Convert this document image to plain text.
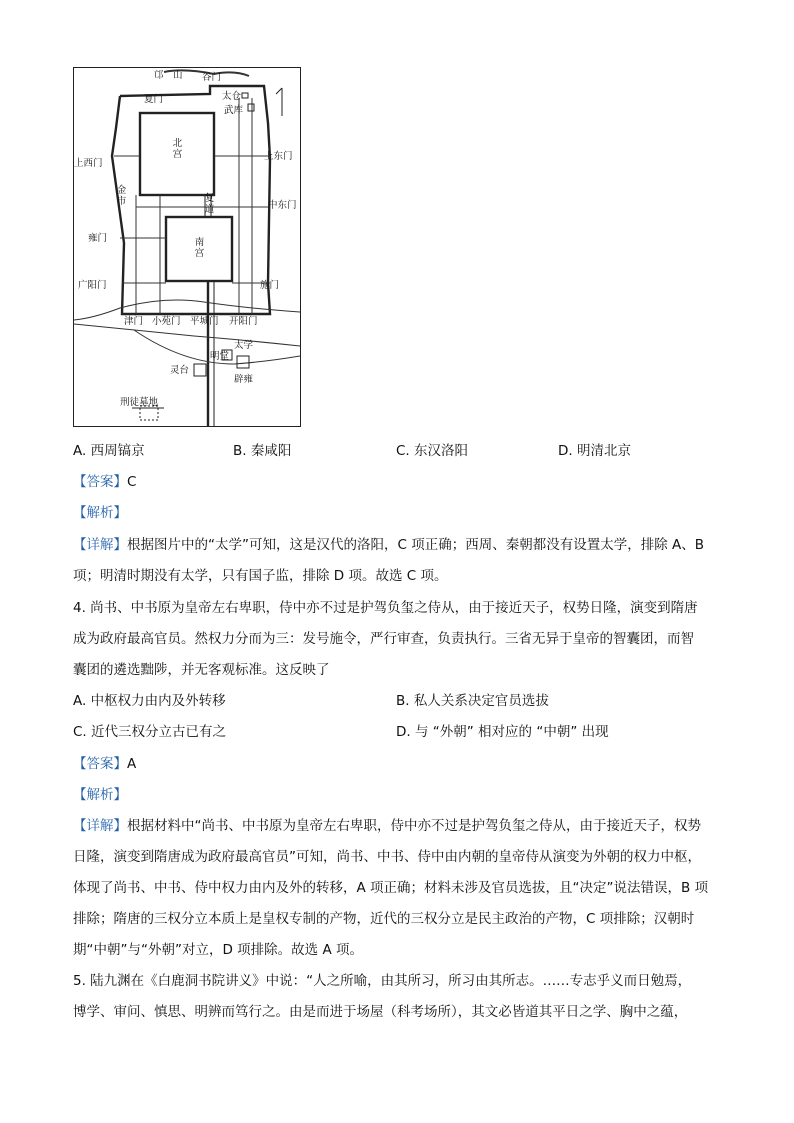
邙　山 谷门
夏门	太仓
武库
北宫
上西门
上东门
金市	复道	中东门
雍门	南宫
广阳门	施门
津门 小苑门 平城门 开阳门
太学
明堂
灵台
辟雍
刑徒墓地
A. 西周镐京	B. 秦咸阳	C. 东汉洛阳	D. 明清北京
【答案】C
【解析】
【详解】根据图片中的“太学”可知，这是汉代的洛阳，C 项正确；西周、秦朝都没有设置太学，排除 A、B
项；明清时期没有太学，只有国子监，排除 D 项。故选 C 项。
4. 尚书、中书原为皇帝左右卑职，侍中亦不过是护驾负玺之侍从，由于接近天子，权势日隆，演变到隋唐
成为政府最高官员。然权力分而为三：发号施令，严行审查，负责执行。三省无异于皇帝的智囊团，而智
囊团的遴选黜陟，并无客观标准。这反映了
A. 中枢权力由内及外转移	B. 私人关系决定官员选拔
C. 近代三权分立古已有之	D. 与 “外朝” 相对应的 “中朝” 出现
【答案】A
【解析】
【详解】根据材料中“尚书、中书原为皇帝左右卑职，侍中亦不过是护驾负玺之侍从，由于接近天子，权势
日隆，演变到隋唐成为政府最高官员”可知，尚书、中书、侍中由内朝的皇帝侍从演变为外朝的权力中枢，
体现了尚书、中书、侍中权力由内及外的转移，A 项正确；材料未涉及官员选拔，且“决定”说法错误，B 项
排除；隋唐的三权分立本质上是皇权专制的产物，近代的三权分立是民主政治的产物，C 项排除；汉朝时
期“中朝”与“外朝”对立，D 项排除。故选 A 项。
5. 陆九渊在《白鹿洞书院讲义》中说：“人之所喻，由其所习，所习由其所志。……专志乎义而日勉焉，
博学、审问、慎思、明辨而笃行之。由是而进于场屋（科考场所），其文必皆道其平日之学、胸中之蕴，
